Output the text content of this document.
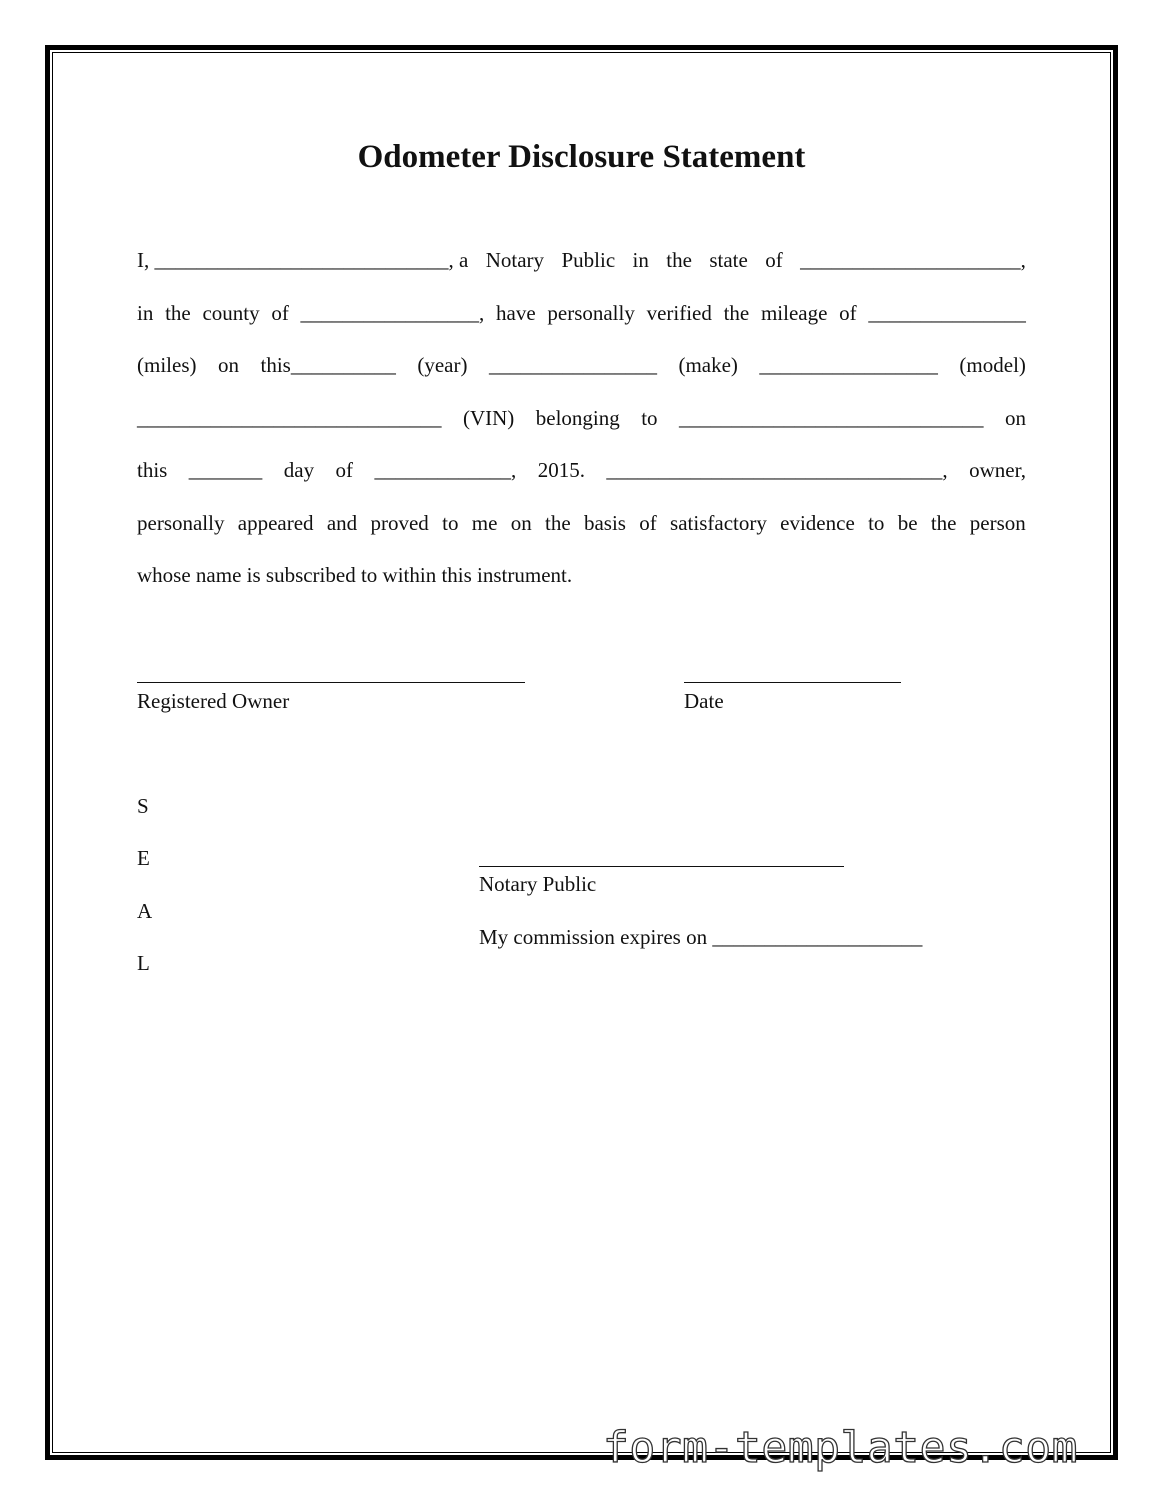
Odometer Disclosure Statement
I, ____________________________, a Notary Public in the state of _____________________,
in the county of _________________, have personally verified the mileage of _______________
(miles) on this__________ (year) ________________ (make) _________________ (model)
_____________________________ (VIN) belonging to _____________________________ on
this _______ day of _____________, 2015. ________________________________, owner,
personally appeared and proved to me on the basis of satisfactory evidence to be the person
whose name is subscribed to within this instrument.
Registered Owner	Date
S
E
A
L
Notary Public
My commission expires on ____________________
form-templates.com
